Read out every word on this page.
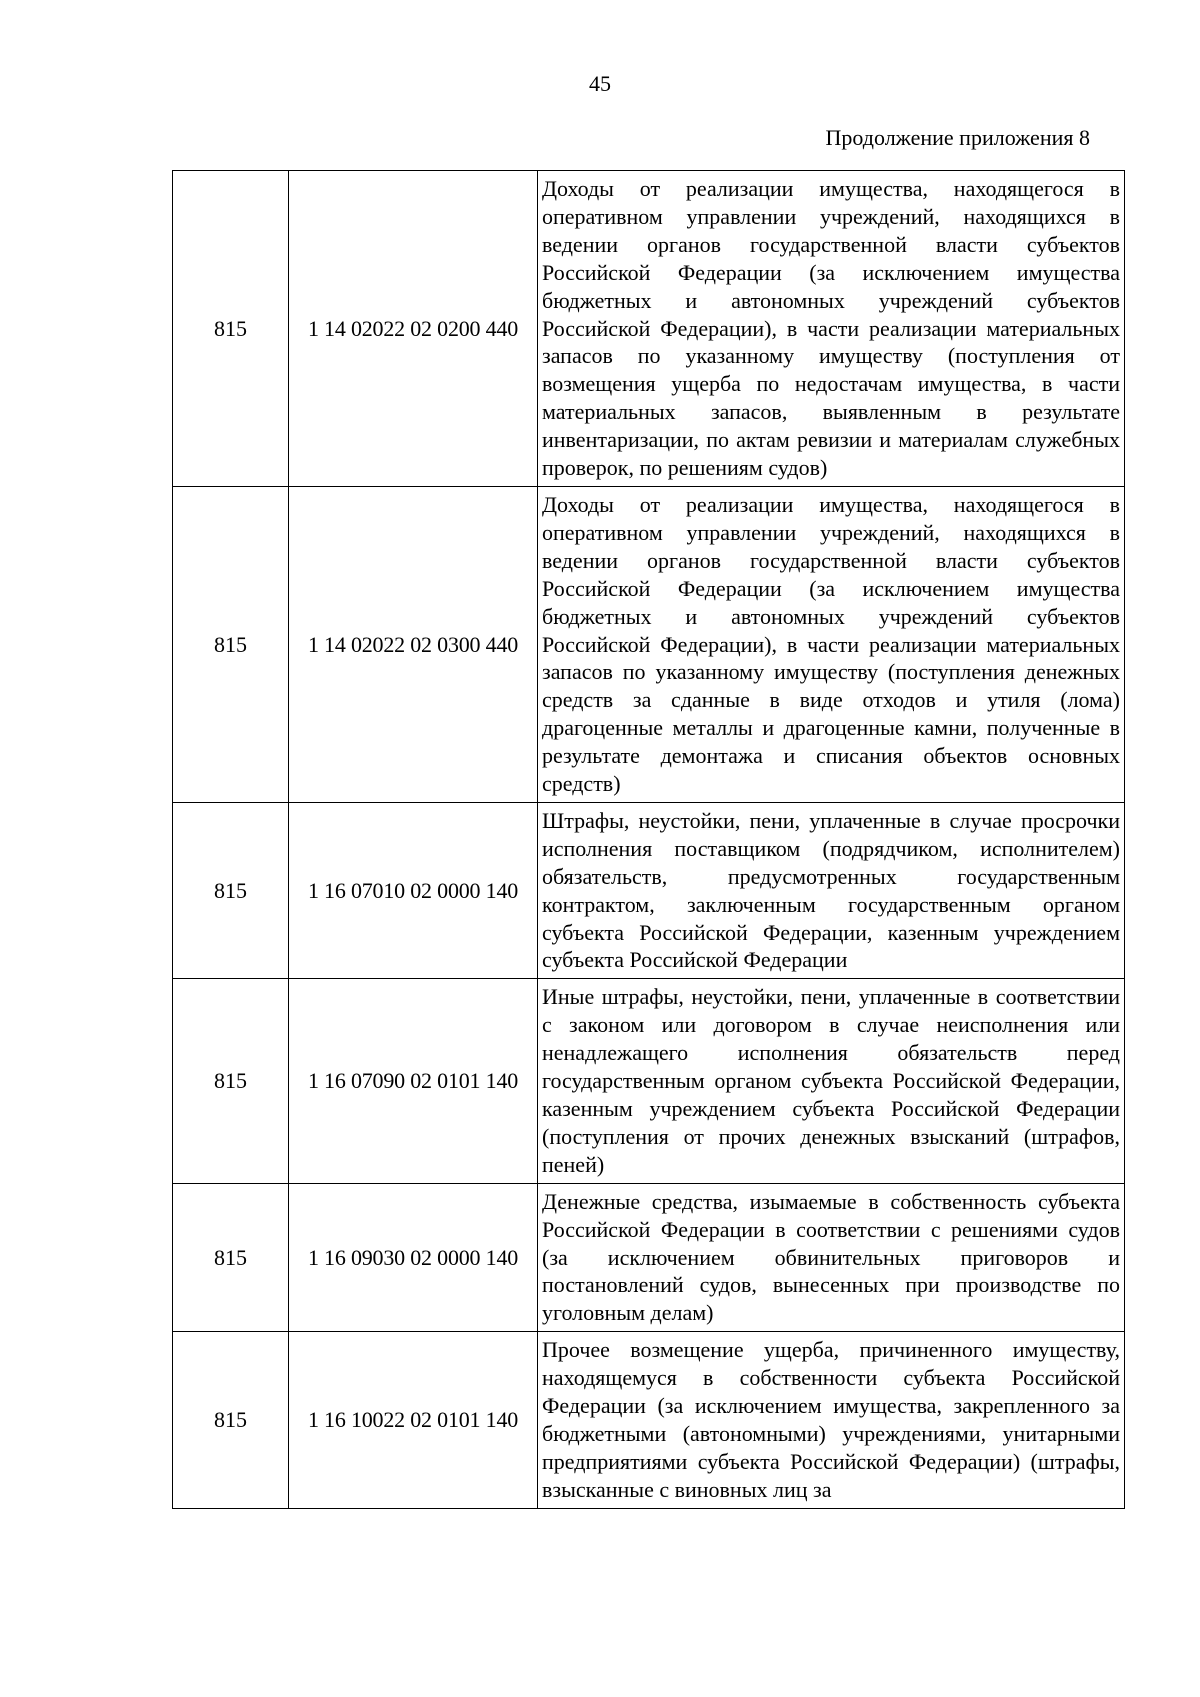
45
Продолжение приложения 8
815	1 14 02022 02 0200 440	Доходы от реализации имущества, находящегося в оперативном управлении учреждений, находящихся в ведении органов государственной власти субъектов Российской Федерации (за исключением имущества бюджетных и автономных учреждений субъектов Российской Федерации), в части реализации материальных запасов по указанному имуществу (поступления от возмещения ущерба по недостачам имущества, в части материальных запасов, выявленным в результате инвентаризации, по актам ревизии и материалам служебных проверок, по решениям судов)
815	1 14 02022 02 0300 440	Доходы от реализации имущества, находящегося в оперативном управлении учреждений, находящихся в ведении органов государственной власти субъектов Российской Федерации (за исключением имущества бюджетных и автономных учреждений субъектов Российской Федерации), в части реализации материальных запасов по указанному имуществу (поступления денежных средств за сданные в виде отходов и утиля (лома) драгоценные металлы и драгоценные камни, полученные в результате демонтажа и списания объектов основных средств)
815	1 16 07010 02 0000 140	Штрафы, неустойки, пени, уплаченные в случае просрочки исполнения поставщиком (подрядчиком, исполнителем) обязательств, предусмотренных государственным контрактом, заключенным государственным органом субъекта Российской Федерации, казенным учреждением субъекта Российской Федерации
815	1 16 07090 02 0101 140	Иные штрафы, неустойки, пени, уплаченные в соответствии с законом или договором в случае неисполнения или ненадлежащего исполнения обязательств перед государственным органом субъекта Российской Федерации, казенным учреждением субъекта Российской Федерации (поступления от прочих денежных взысканий (штрафов, пеней)
815	1 16 09030 02 0000 140	Денежные средства, изымаемые в собственность субъекта Российской Федерации в соответствии с решениями судов (за исключением обвинительных приговоров и постановлений судов, вынесенных при производстве по уголовным делам)
815	1 16 10022 02 0101 140	Прочее возмещение ущерба, причиненного имуществу, находящемуся в собственности субъекта Российской Федерации (за исключением имущества, закрепленного за бюджетными (автономными) учреждениями, унитарными предприятиями субъекта Российской Федерации) (штрафы, взысканные с виновных лиц за
